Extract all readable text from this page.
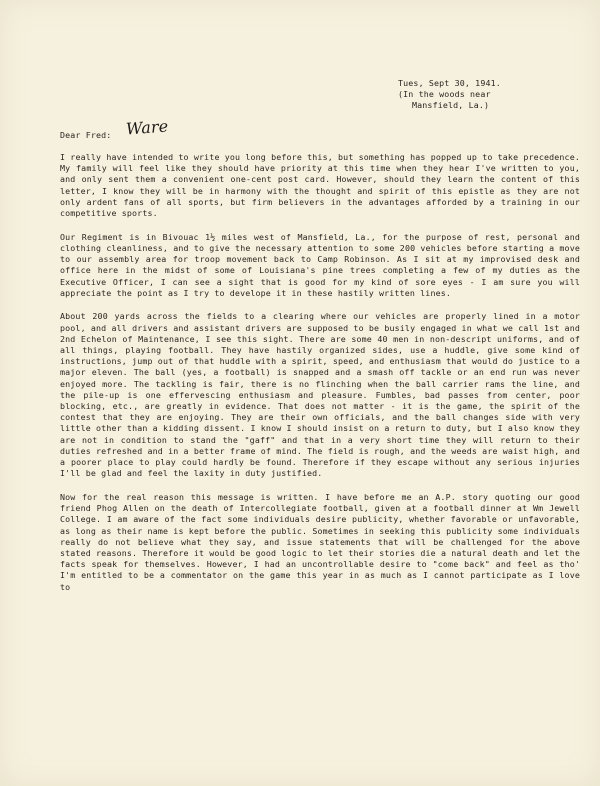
Tues, Sept 30, 1941.
(In the woods near
Mansfield, La.)
Dear Fred: Ware

I really have intended to write you long before this, but something has popped up to take precedence. My family will feel like they should have priority at this time when they hear I've written to you, and only sent them a convenient one-cent post card. However, should they learn the content of this letter, I know they will be in harmony with the thought and spirit of this epistle as they are not only ardent fans of all sports, but firm believers in the advantages afforded by a training in our competitive sports.

Our Regiment is in Bivouac 1½ miles west of Mansfield, La., for the purpose of rest, personal and clothing cleanliness, and to give the necessary attention to some 200 vehicles before starting a move to our assembly area for troop movement back to Camp Robinson. As I sit at my improvised desk and office here in the midst of some of Louisiana's pine trees completing a few of my duties as the Executive Officer, I can see a sight that is good for my kind of sore eyes - I am sure you will appreciate the point as I try to develope it in these hastily written lines.

About 200 yards across the fields to a clearing where our vehicles are properly lined in a motor pool, and all drivers and assistant drivers are supposed to be busily engaged in what we call 1st and 2nd Echelon of Maintenance, I see this sight. There are some 40 men in non-descript uniforms, and of all things, playing football. They have hastily organized sides, use a huddle, give some kind of instructions, jump out of that huddle with a spirit, speed, and enthusiasm that would do justice to a major eleven. The ball (yes, a football) is snapped and a smash off tackle or an end run was never enjoyed more. The tackling is fair, there is no flinching when the ball carrier rams the line, and the pile-up is one effervescing enthusiasm and pleasure. Fumbles, bad passes from center, poor blocking, etc., are greatly in evidence. That does not matter - it is the game, the spirit of the contest that they are enjoying. They are their own officials, and the ball changes side with very little other than a kidding dissent. I know I should insist on a return to duty, but I also know they are not in condition to stand the "gaff" and that in a very short time they will return to their duties refreshed and in a better frame of mind. The field is rough, and the weeds are waist high, and a poorer place to play could hardly be found. Therefore if they escape without any serious injuries I'll be glad and feel the laxity in duty justified.

Now for the real reason this message is written. I have before me an A.P. story quoting our good friend Phog Allen on the death of Intercollegiate football, given at a football dinner at Wm Jewell College. I am aware of the fact some individuals desire publicity, whether favorable or unfavorable, as long as their name is kept before the public. Sometimes in seeking this publicity some individuals really do not believe what they say, and issue statements that will be challenged for the above stated reasons. Therefore it would be good logic to let their stories die a natural death and let the facts speak for themselves. However, I had an uncontrollable desire to "come back" and feel as tho' I'm entitled to be a commentator on the game this year in as much as I cannot participate as I love to
